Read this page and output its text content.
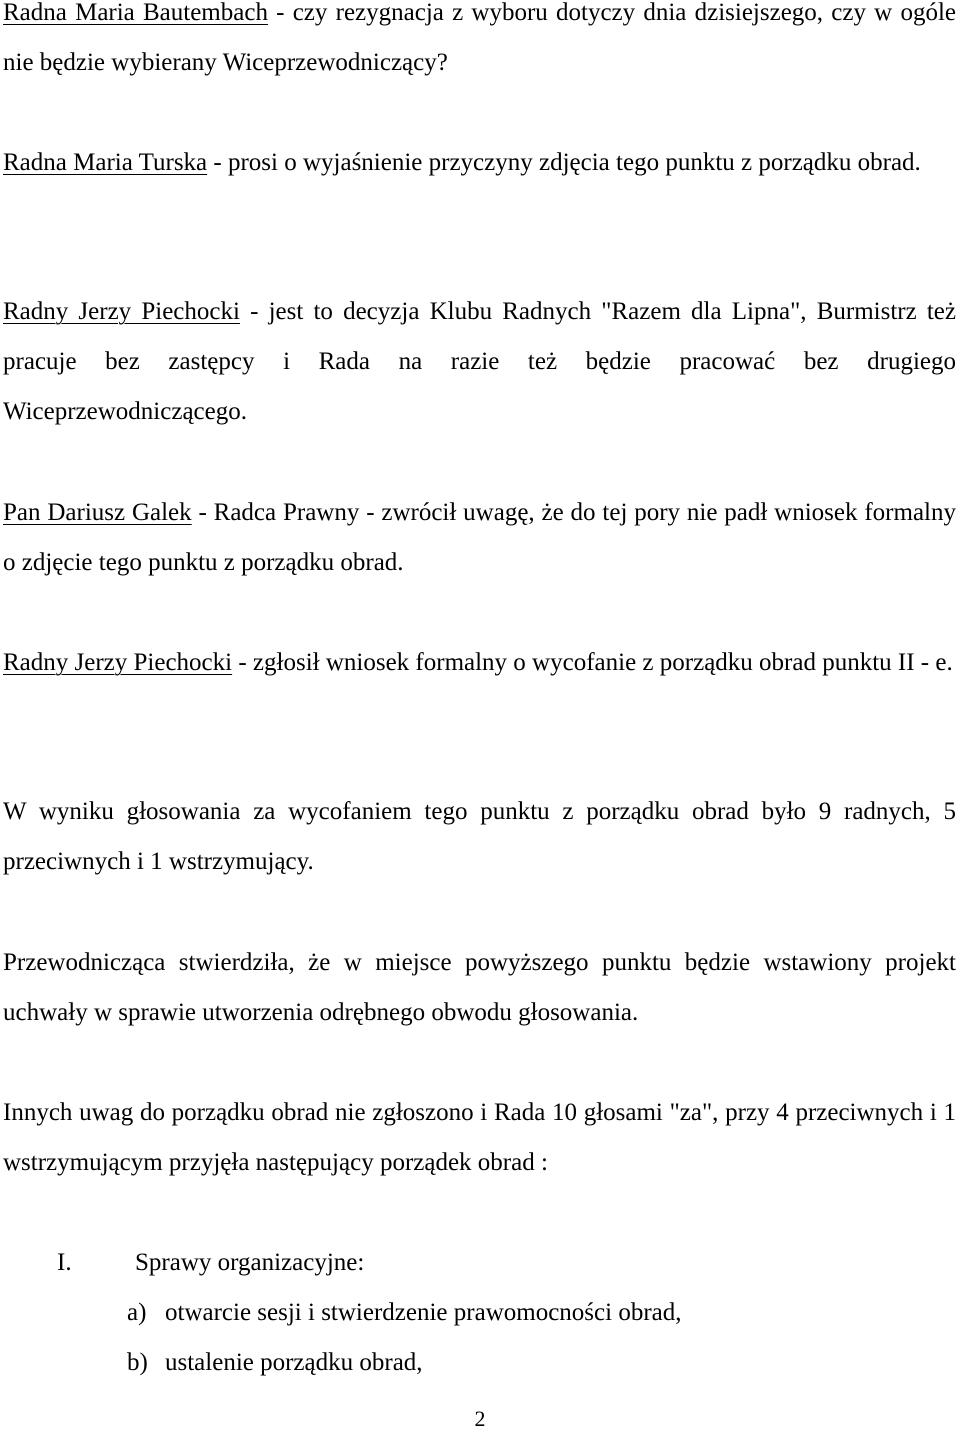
Radna Maria Bautembach - czy rezygnacja z wyboru dotyczy dnia dzisiejszego, czy w ogóle nie będzie wybierany Wiceprzewodniczący?

Radna Maria Turska - prosi o wyjaśnienie przyczyny zdjęcia tego punktu z porządku obrad.

Radny Jerzy Piechocki - jest to decyzja Klubu Radnych "Razem dla Lipna", Burmistrz też pracuje bez zastępcy i Rada na razie też będzie pracować bez drugiego Wiceprzewodniczącego.

Pan Dariusz Galek - Radca Prawny - zwrócił uwagę, że do tej pory nie padł wniosek formalny o zdjęcie tego punktu z porządku obrad.

Radny Jerzy Piechocki - zgłosił wniosek formalny o wycofanie z porządku obrad punktu II - e.

W wyniku głosowania za wycofaniem tego punktu z porządku obrad było 9 radnych, 5 przeciwnych i 1 wstrzymujący.

Przewodnicząca stwierdziła, że w miejsce powyższego punktu będzie wstawiony projekt uchwały w sprawie utworzenia odrębnego obwodu głosowania.

Innych uwag do porządku obrad nie zgłoszono i Rada 10 głosami "za", przy 4 przeciwnych i 1 wstrzymującym przyjęła następujący porządek obrad :

I.	Sprawy organizacyjne:
a) otwarcie sesji i stwierdzenie prawomocności obrad,
b) ustalenie porządku obrad,
2
